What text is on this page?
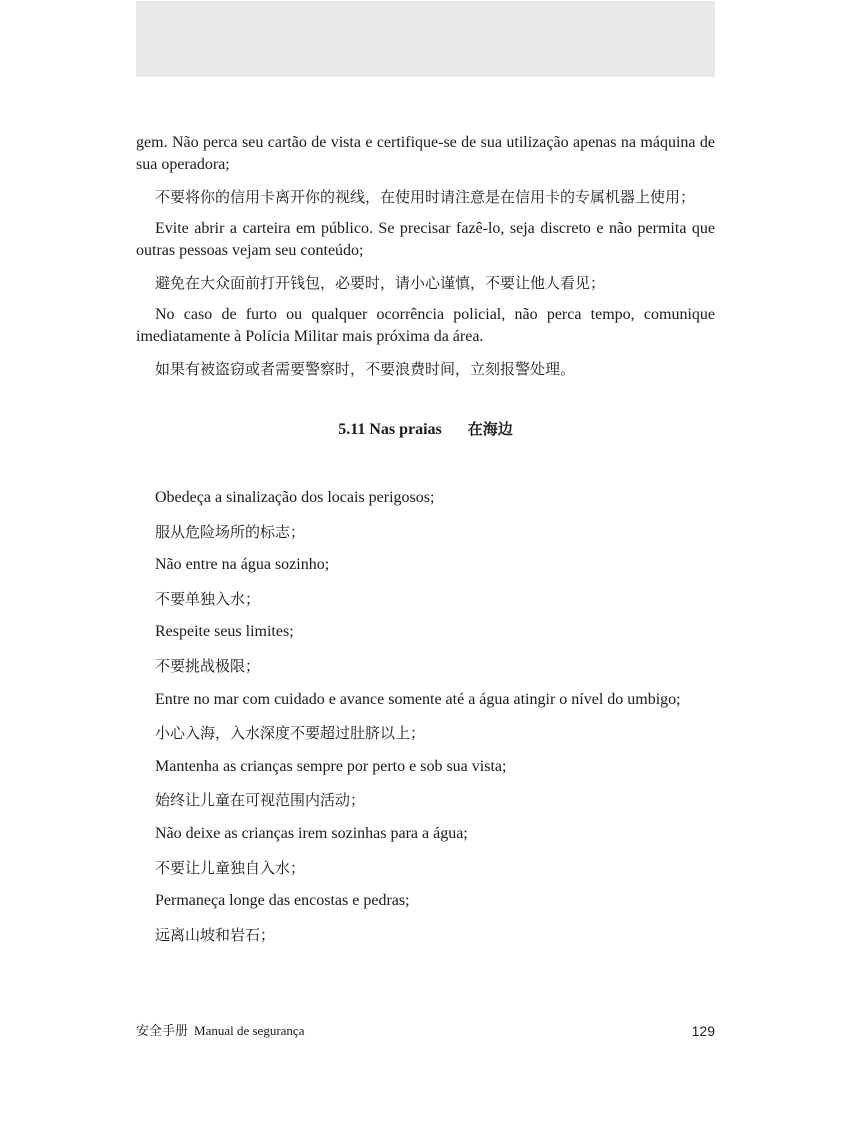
gem. Não perca seu cartão de vista e certifique-se de sua utilização apenas na máquina de sua operadora;

不要将你的信用卡离开你的视线，在使用时请注意是在信用卡的专属机器上使用；

Evite abrir a carteira em público. Se precisar fazê-lo, seja discreto e não permita que outras pessoas vejam seu conteúdo;

避免在大众面前打开钱包，必要时，请小心谨慎，不要让他人看见；

No caso de furto ou qualquer ocorrência policial, não perca tempo, comunique imediatamente à Polícia Militar mais próxima da área.

如果有被盗窃或者需要警察时，不要浪费时间，立刻报警处理。

5.11 Nas praias 在海边

Obedeça a sinalização dos locais perigosos;

服从危险场所的标志；

Não entre na água sozinho;

不要单独入水；

Respeite seus limites;

不要挑战极限；

Entre no mar com cuidado e avance somente até a água atingir o nível do umbigo;

小心入海，入水深度不要超过肚脐以上；

Mantenha as crianças sempre por perto e sob sua vista;

始终让儿童在可视范围内活动；

Não deixe as crianças irem sozinhas para a água;

不要让儿童独自入水；

Permaneça longe das encostas e pedras;

远离山坡和岩石；

安全手册 Manual de segurança	129
